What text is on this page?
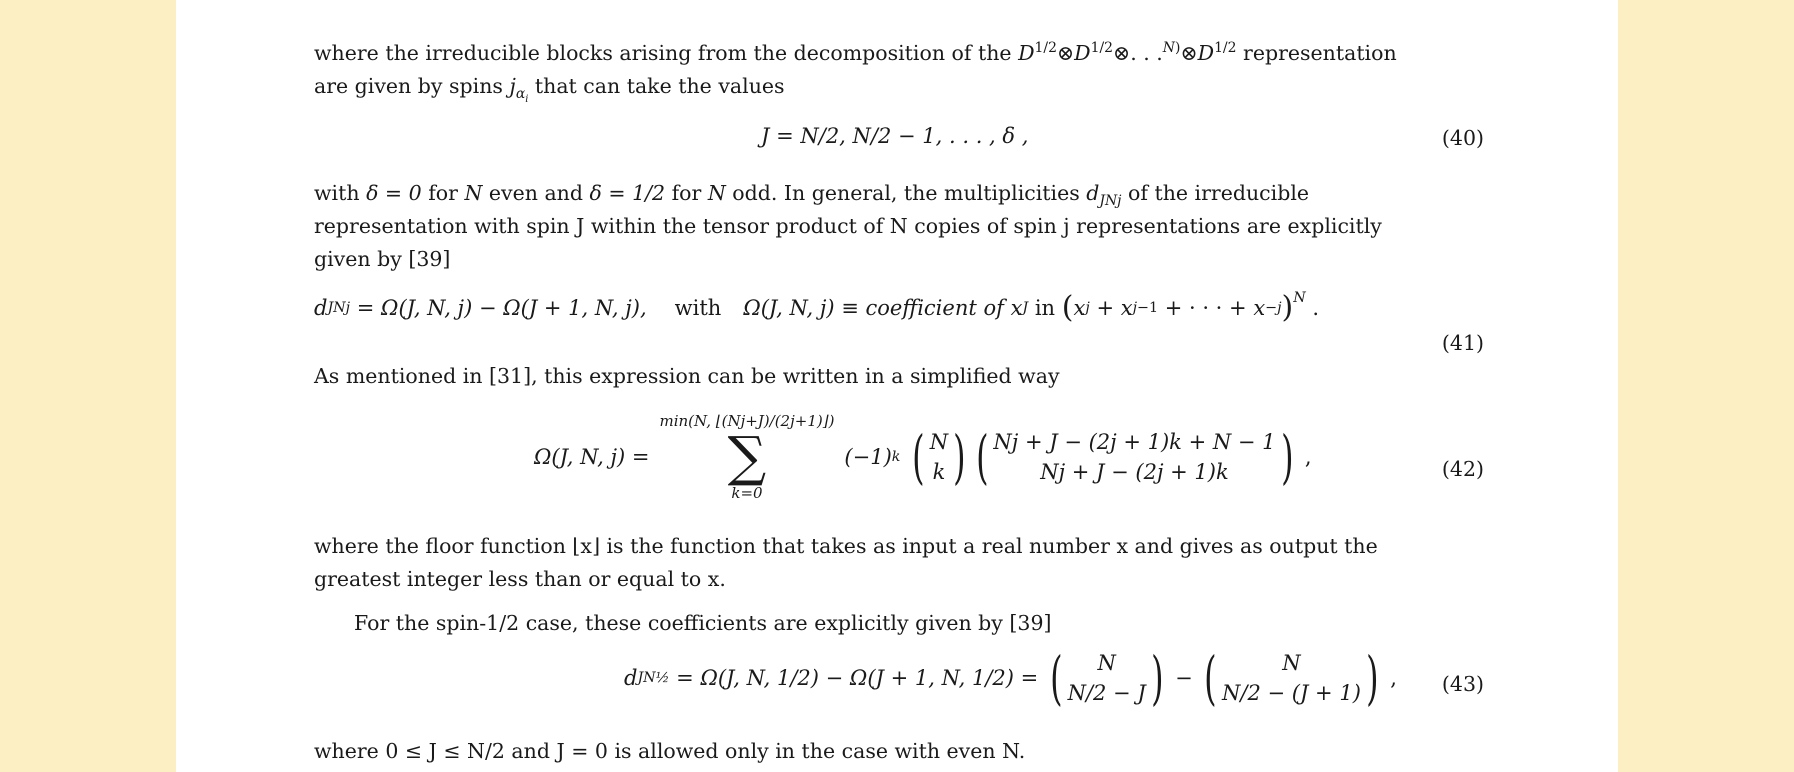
where the irreducible blocks arising from the decomposition of the $D^{1/2}\otimes D^{1/2}\otimes$. . $.^{N)}\otimes D^{1/2}$ representation
are given by spins $j_{\alpha_i}$ that can take the values
J = N/2, N/2 − 1, . . . , δ ,	(40)
with δ = 0 for N even and δ = 1/2 for N odd. In general, the multiplicities $d_{JNj}$ of the irreducible
representation with spin J within the tensor product of N copies of spin j representations are explicitly
given by [39]
d JNj
= Ω(J, N, j) − Ω(J + 1, N, j), with Ω(J, N, j) ≡ coefficient of
x J
in
( x j + x j−1 + · · · + x −j ) $^N$ .
(41)
As mentioned in [31], this expression can be written in a simplified way
Ω(J, N, j) =
min(N, ⌊(Nj+J)/(2j+1)⌋)
∑
k=0
(−1) k
( N
k ) ( Nj + J − (2j + 1)k + N − 1
Nj + J − (2j + 1)k ) ,	(42)
where the floor function ⌊x⌋ is the function that takes as input a real number x and gives as output the
greatest integer less than or equal to x.
For the spin-1/2 case, these coefficients are explicitly given by [39]
d JN½
= Ω(J, N, 1/2) − Ω(J + 1, N, 1/2) =
( N
N/2 − J )
−
(	N
N/2 − (J + 1) ) , (43)
where 0 ≤ J ≤ N/2 and J = 0 is allowed only in the case with even N.
